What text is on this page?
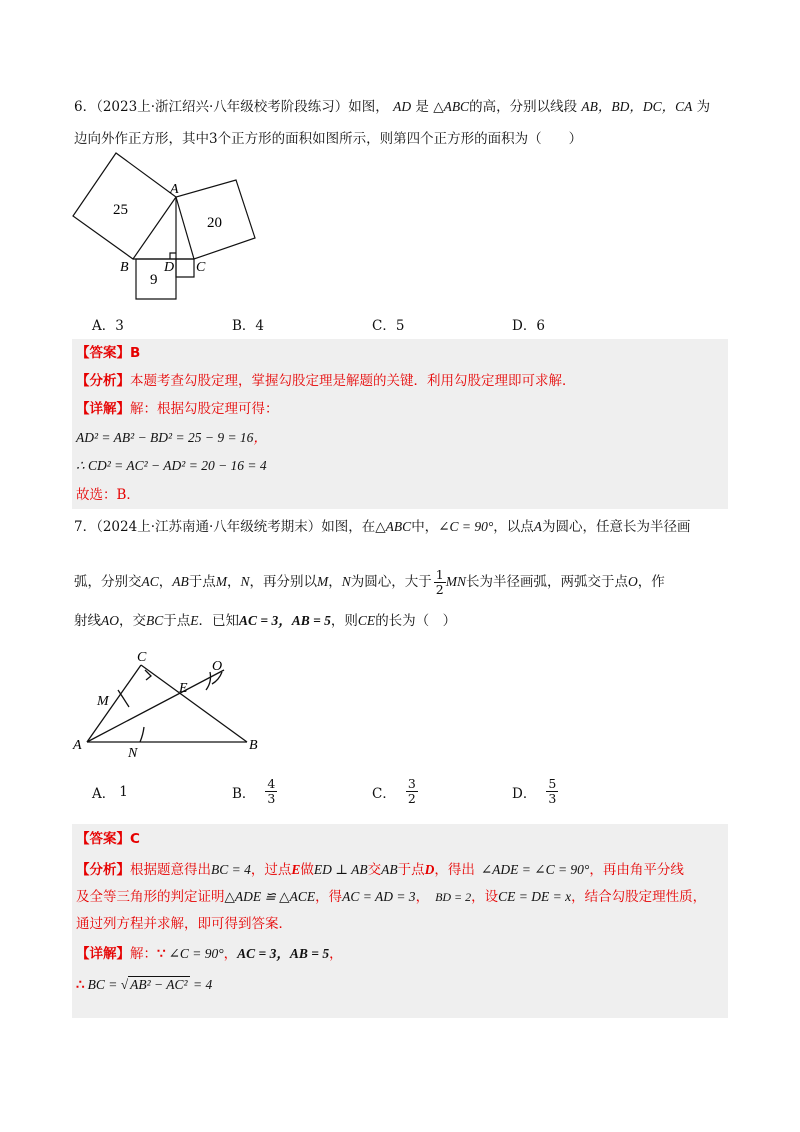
6．（2023上·浙江绍兴·八年级校考阶段练习）如图， AD 是 △ABC的高，分别以线段 AB，BD，DC，CA 为
边向外作正方形，其中3个正方形的面积如图所示，则第四个正方形的面积为（　　）
25
20
9
A
B	C
D
C
M
E
O
A
N
B
A．3	B．4	C．5	D．6
【答案】B
【分析】本题考查勾股定理，掌握勾股定理是解题的关键．利用勾股定理即可求解．
【详解】解：根据勾股定理可得：
AD² = AB² − BD² = 25 − 9 = 16，
∴ CD² = AC² − AD² = 20 − 16 = 4
故选：B．
7．（2024上·江苏南通·八年级统考期末）如图，在△ABC中，∠C = 90°，以点A为圆心，任意长为半径画
弧，分别交AC，AB于点M，N，再分别以M，N为圆心，大于 $\frac{1}{2}$ MN长为半径画弧，两弧交于点O，作
射线AO，交BC于点E．已知AC = 3，AB = 5，则CE的长为（　）
A． 1	B． $\frac{4}{3}$	C． $\frac{3}{2}$	D． $\frac{5}{3}$
【答案】C
【分析】根据题意得出BC = 4，过点E做ED ⊥ AB交AB于点D，得出 ∠ADE = ∠C = 90°，再由角平分线
及全等三角形的判定证明△ADE ≌ △ACE，得AC = AD = 3， BD = 2，设CE = DE = x，结合勾股定理性质，
通过列方程并求解，即可得到答案．
【详解】解：∵ ∠C = 90°，AC = 3，AB = 5，
∴ BC = √ AB² − AC² = 4
